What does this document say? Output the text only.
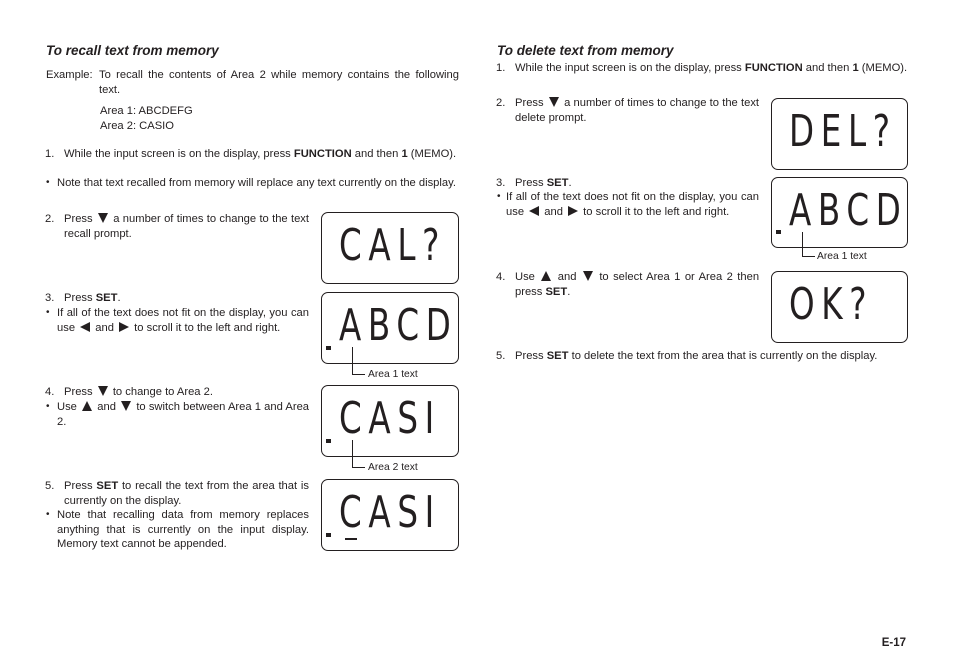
To recall text from memory
Example: To recall the contents of Area 2 while memory contains the following text.
Area 1: ABCDEFG
Area 2: CASIO
1. While the input screen is on the display, press FUNCTION and then 1 (MEMO).
• Note that text recalled from memory will replace any text currently on the display.
2. Press a number of times to change to the text recall prompt.
3. Press SET.
• If all of the text does not fit on the display, you can use and to scroll it to the left and right.
4. Press to change to Area 2.
• Use and to switch between Area 1 and Area 2.
5. Press SET to recall the text from the area that is currently on the display.
• Note that recalling data from memory replaces anything that is currently on the input display. Memory text cannot be appended.
CAL?
ABCD
Area 1 text
CASI
Area 2 text
CASI
To delete text from memory
1. While the input screen is on the display, press FUNCTION and then 1 (MEMO).
2. Press a number of times to change to the text delete prompt.
3. Press SET.
• If all of the text does not fit on the display, you can use and to scroll it to the left and right.
4. Use and to select Area 1 or Area 2 then press SET.
5. Press SET to delete the text from the area that is currently on the display.
DEL?
ABCD
Area 1 text
OK?
E-17
